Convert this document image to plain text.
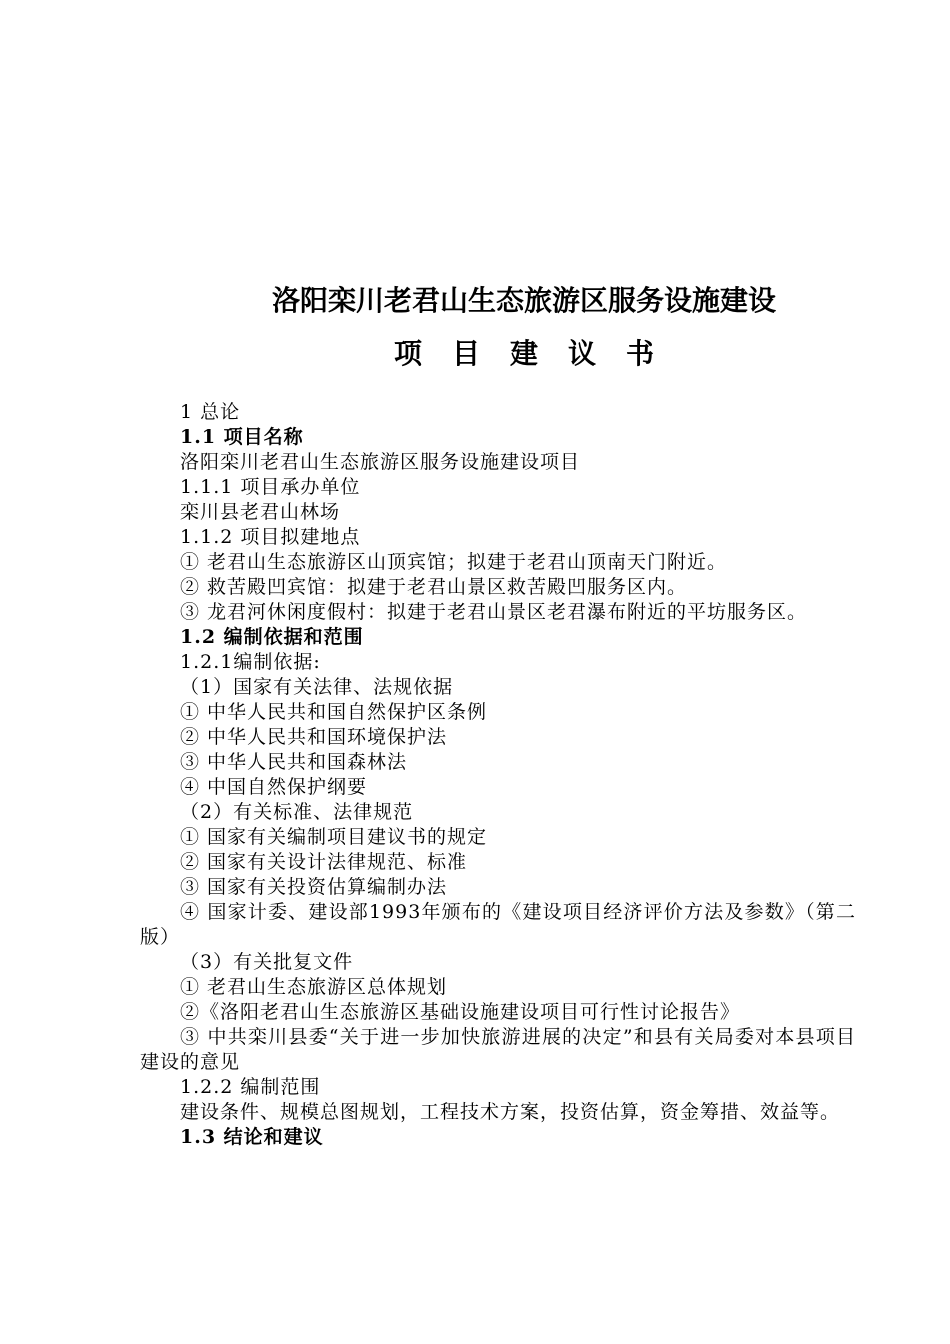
洛阳栾川老君山生态旅游区服务设施建设
项目建议书
1 总论
1.1 项目名称
洛阳栾川老君山生态旅游区服务设施建设项目
1.1.1 项目承办单位
栾川县老君山林场
1.1.2 项目拟建地点
① 老君山生态旅游区山顶宾馆；拟建于老君山顶南天门附近。
② 救苦殿凹宾馆：拟建于老君山景区救苦殿凹服务区内。
③ 龙君河休闲度假村：拟建于老君山景区老君瀑布附近的平坊服务区。
1.2 编制依据和范围
1.2.1编制依据:
（1）国家有关法律、法规依据
① 中华人民共和国自然保护区条例
② 中华人民共和国环境保护法
③ 中华人民共和国森林法
④ 中国自然保护纲要
（2）有关标准、法律规范
① 国家有关编制项目建议书的规定
② 国家有关设计法律规范、标准
③ 国家有关投资估算编制办法
④ 国家计委、建设部1993年颁布的《建设项目经济评价方法及参数》（第二版）
（3）有关批复文件
① 老君山生态旅游区总体规划
②《洛阳老君山生态旅游区基础设施建设项目可行性讨论报告》
③ 中共栾川县委“关于进一步加快旅游进展的决定”和县有关局委对本县项目建设的意见
1.2.2 编制范围
建设条件、规模总图规划，工程技术方案，投资估算，资金筹措、效益等。
1.3 结论和建议
